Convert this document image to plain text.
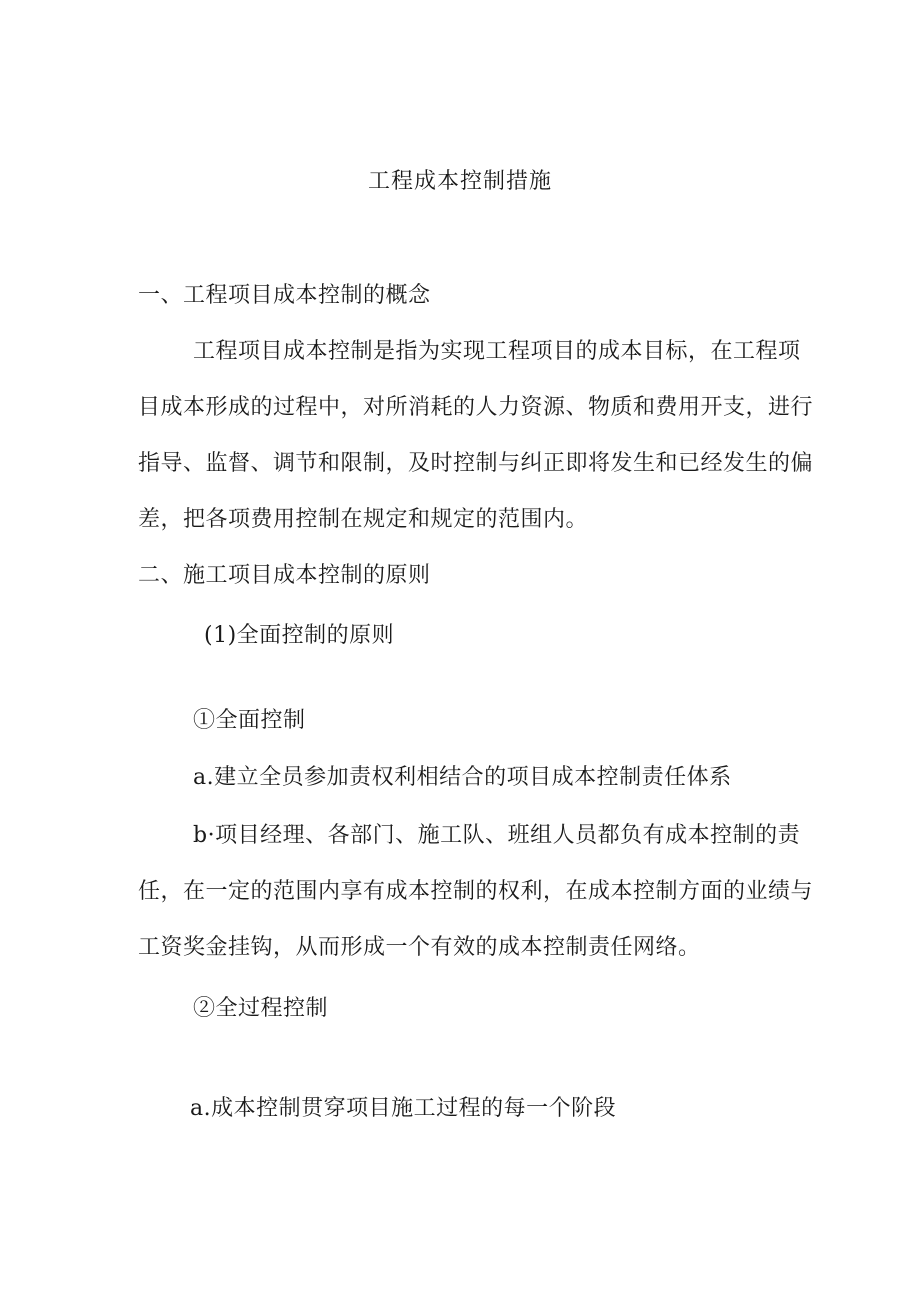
工程成本控制措施
一、工程项目成本控制的概念
工程项目成本控制是指为实现工程项目的成本目标，在工程项
目成本形成的过程中，对所消耗的人力资源、物质和费用开支，进行
指导、监督、调节和限制，及时控制与纠正即将发生和已经发生的偏
差，把各项费用控制在规定和规定的范围内。
二、施工项目成本控制的原则
(1)全面控制的原则
①全面控制
a.建立全员参加责权利相结合的项目成本控制责任体系
b·项目经理、各部门、施工队、班组人员都负有成本控制的责
任，在一定的范围内享有成本控制的权利，在成本控制方面的业绩与
工资奖金挂钩，从而形成一个有效的成本控制责任网络。
②全过程控制
a.成本控制贯穿项目施工过程的每一个阶段
